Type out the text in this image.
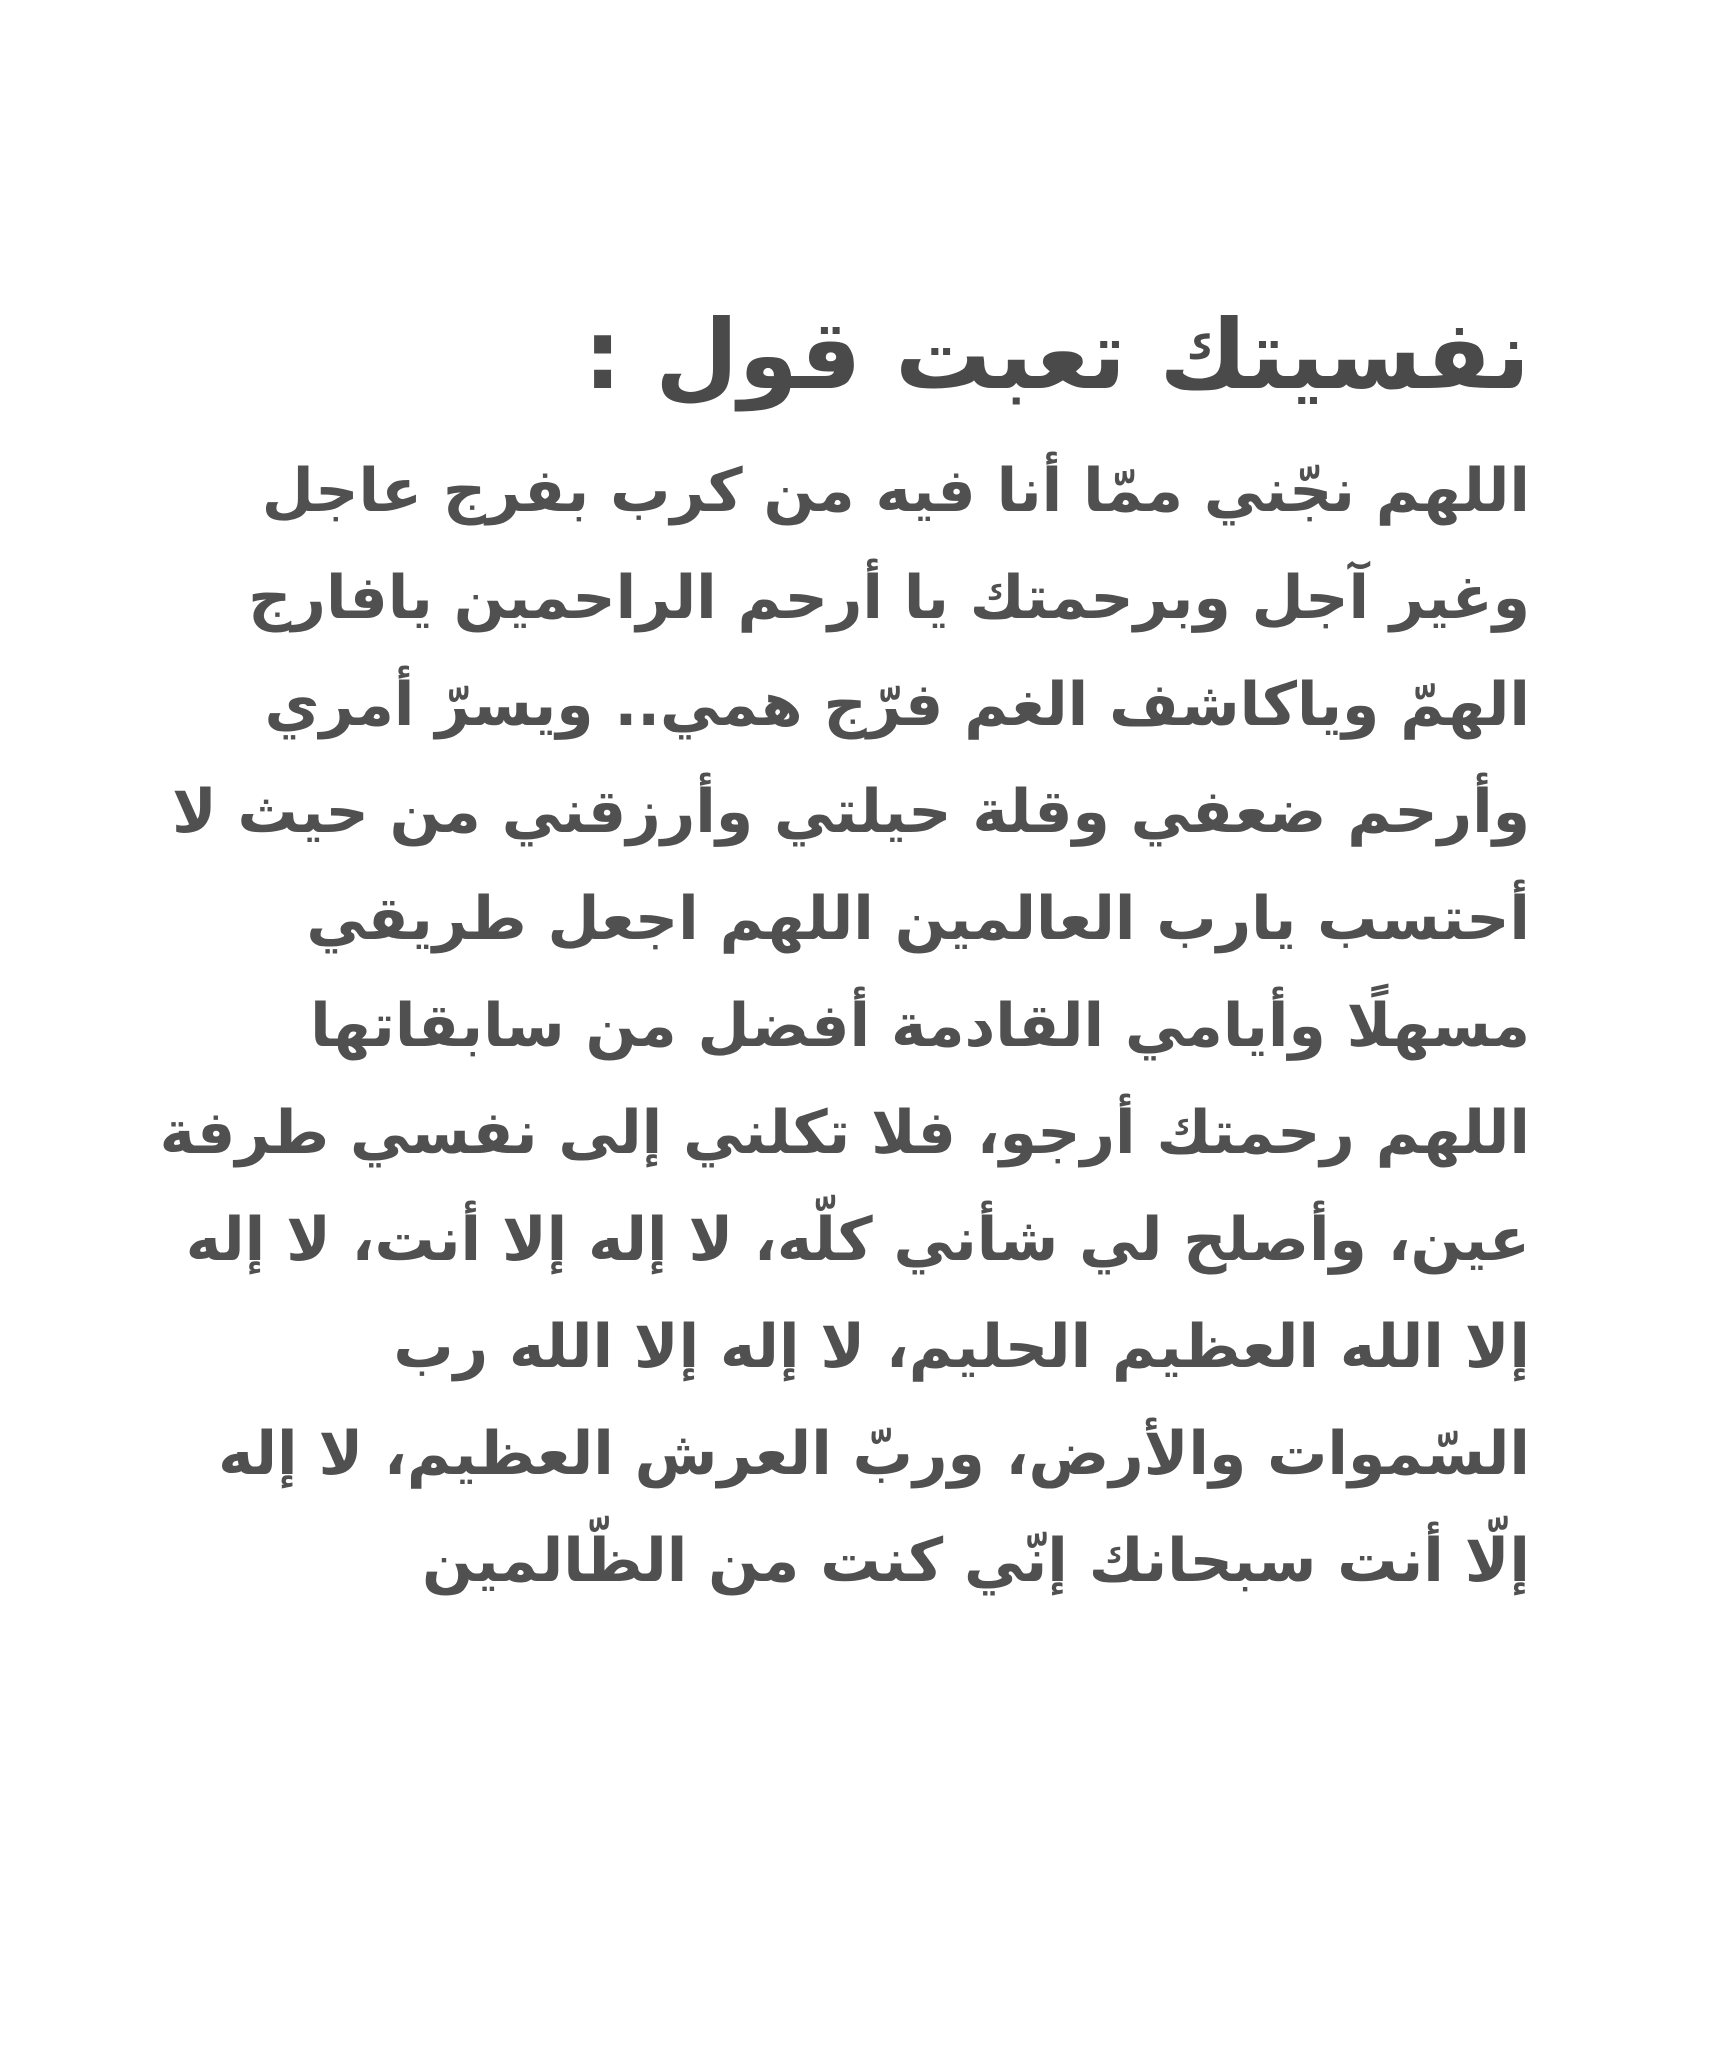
نفسيتك تعبت قول :
اللهم نجّني ممّا أنا فيه من كرب بفرج عاجل
وغير آجل وبرحمتك يا أرحم الراحمين يافارج
الهمّ وياكاشف الغم فرّج همي.. ويسرّ أمري
وأرحم ضعفي وقلة حيلتي وأرزقني من حيث لا
أحتسب يارب العالمين اللهم اجعل طريقي
مسهلًا وأيامي القادمة أفضل من سابقاتها
اللهم رحمتك أرجو، فلا تكلني إلى نفسي طرفة
عين، وأصلح لي شأني كلّه، لا إله إلا أنت، لا إله
إلا الله العظيم الحليم، لا إله إلا الله رب
السّموات والأرض، وربّ العرش العظيم، لا إله
إلّا أنت سبحانك إنّي كنت من الظّالمين
